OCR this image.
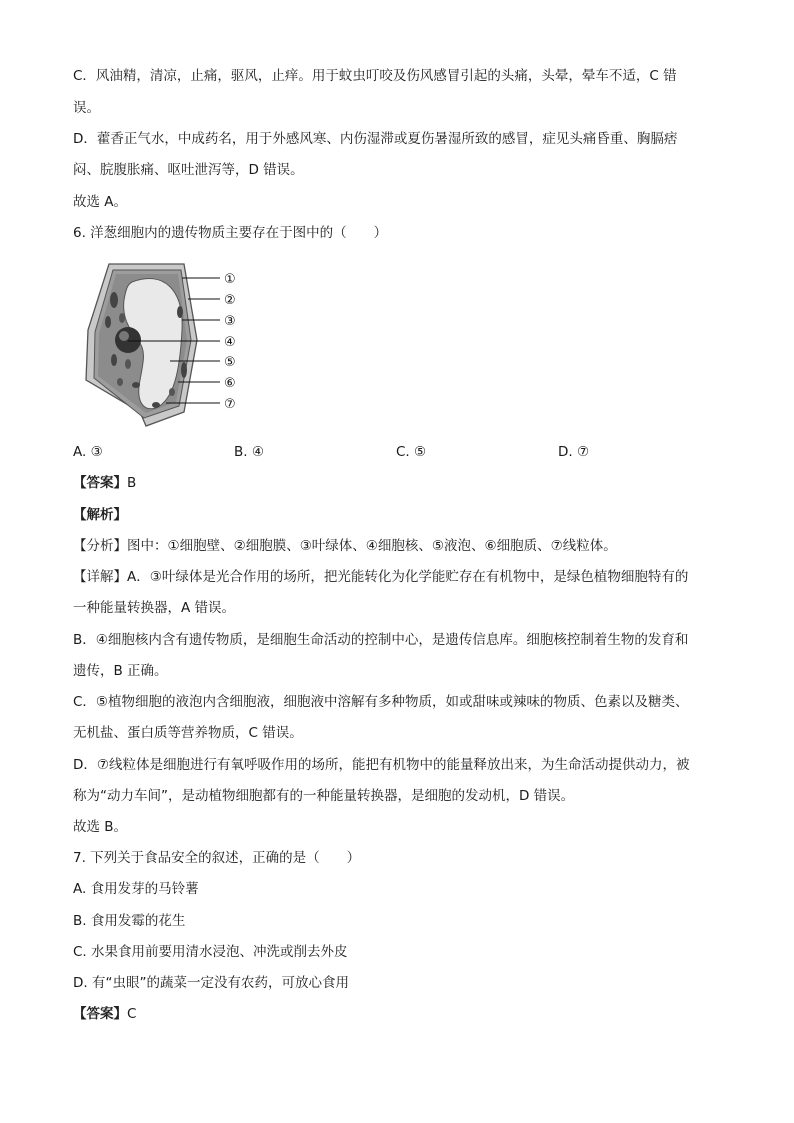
C．风油精，清凉，止痛，驱风，止痒。用于蚊虫叮咬及伤风感冒引起的头痛，头晕，晕车不适，C 错
误。
D．藿香正气水，中成药名，用于外感风寒、内伤湿滞或夏伤暑湿所致的感冒，症见头痛昏重、胸膈痞
闷、脘腹胀痛、呕吐泄泻等，D 错误。
故选 A。
6. 洋葱细胞内的遗传物质主要存在于图中的（　　）
①
②
③
④
⑤
⑥
⑦
A. ③	B. ④	C. ⑤	D. ⑦
【答案】B
【解析】
【分析】图中：①细胞壁、②细胞膜、③叶绿体、④细胞核、⑤液泡、⑥细胞质、⑦线粒体。
【详解】A．③叶绿体是光合作用的场所，把光能转化为化学能贮存在有机物中，是绿色植物细胞特有的
一种能量转换器，A 错误。
B．④细胞核内含有遗传物质，是细胞生命活动的控制中心，是遗传信息库。细胞核控制着生物的发育和
遗传，B 正确。
C．⑤植物细胞的液泡内含细胞液，细胞液中溶解有多种物质，如或甜味或辣味的物质、色素以及糖类、
无机盐、蛋白质等营养物质，C 错误。
D．⑦线粒体是细胞进行有氧呼吸作用的场所，能把有机物中的能量释放出来，为生命活动提供动力，被
称为“动力车间”，是动植物细胞都有的一种能量转换器，是细胞的发动机，D 错误。
故选 B。
7. 下列关于食品安全的叙述，正确的是（　　）
A. 食用发芽的马铃薯
B. 食用发霉的花生
C. 水果食用前要用清水浸泡、冲洗或削去外皮
D. 有“虫眼”的蔬菜一定没有农药，可放心食用
【答案】C
